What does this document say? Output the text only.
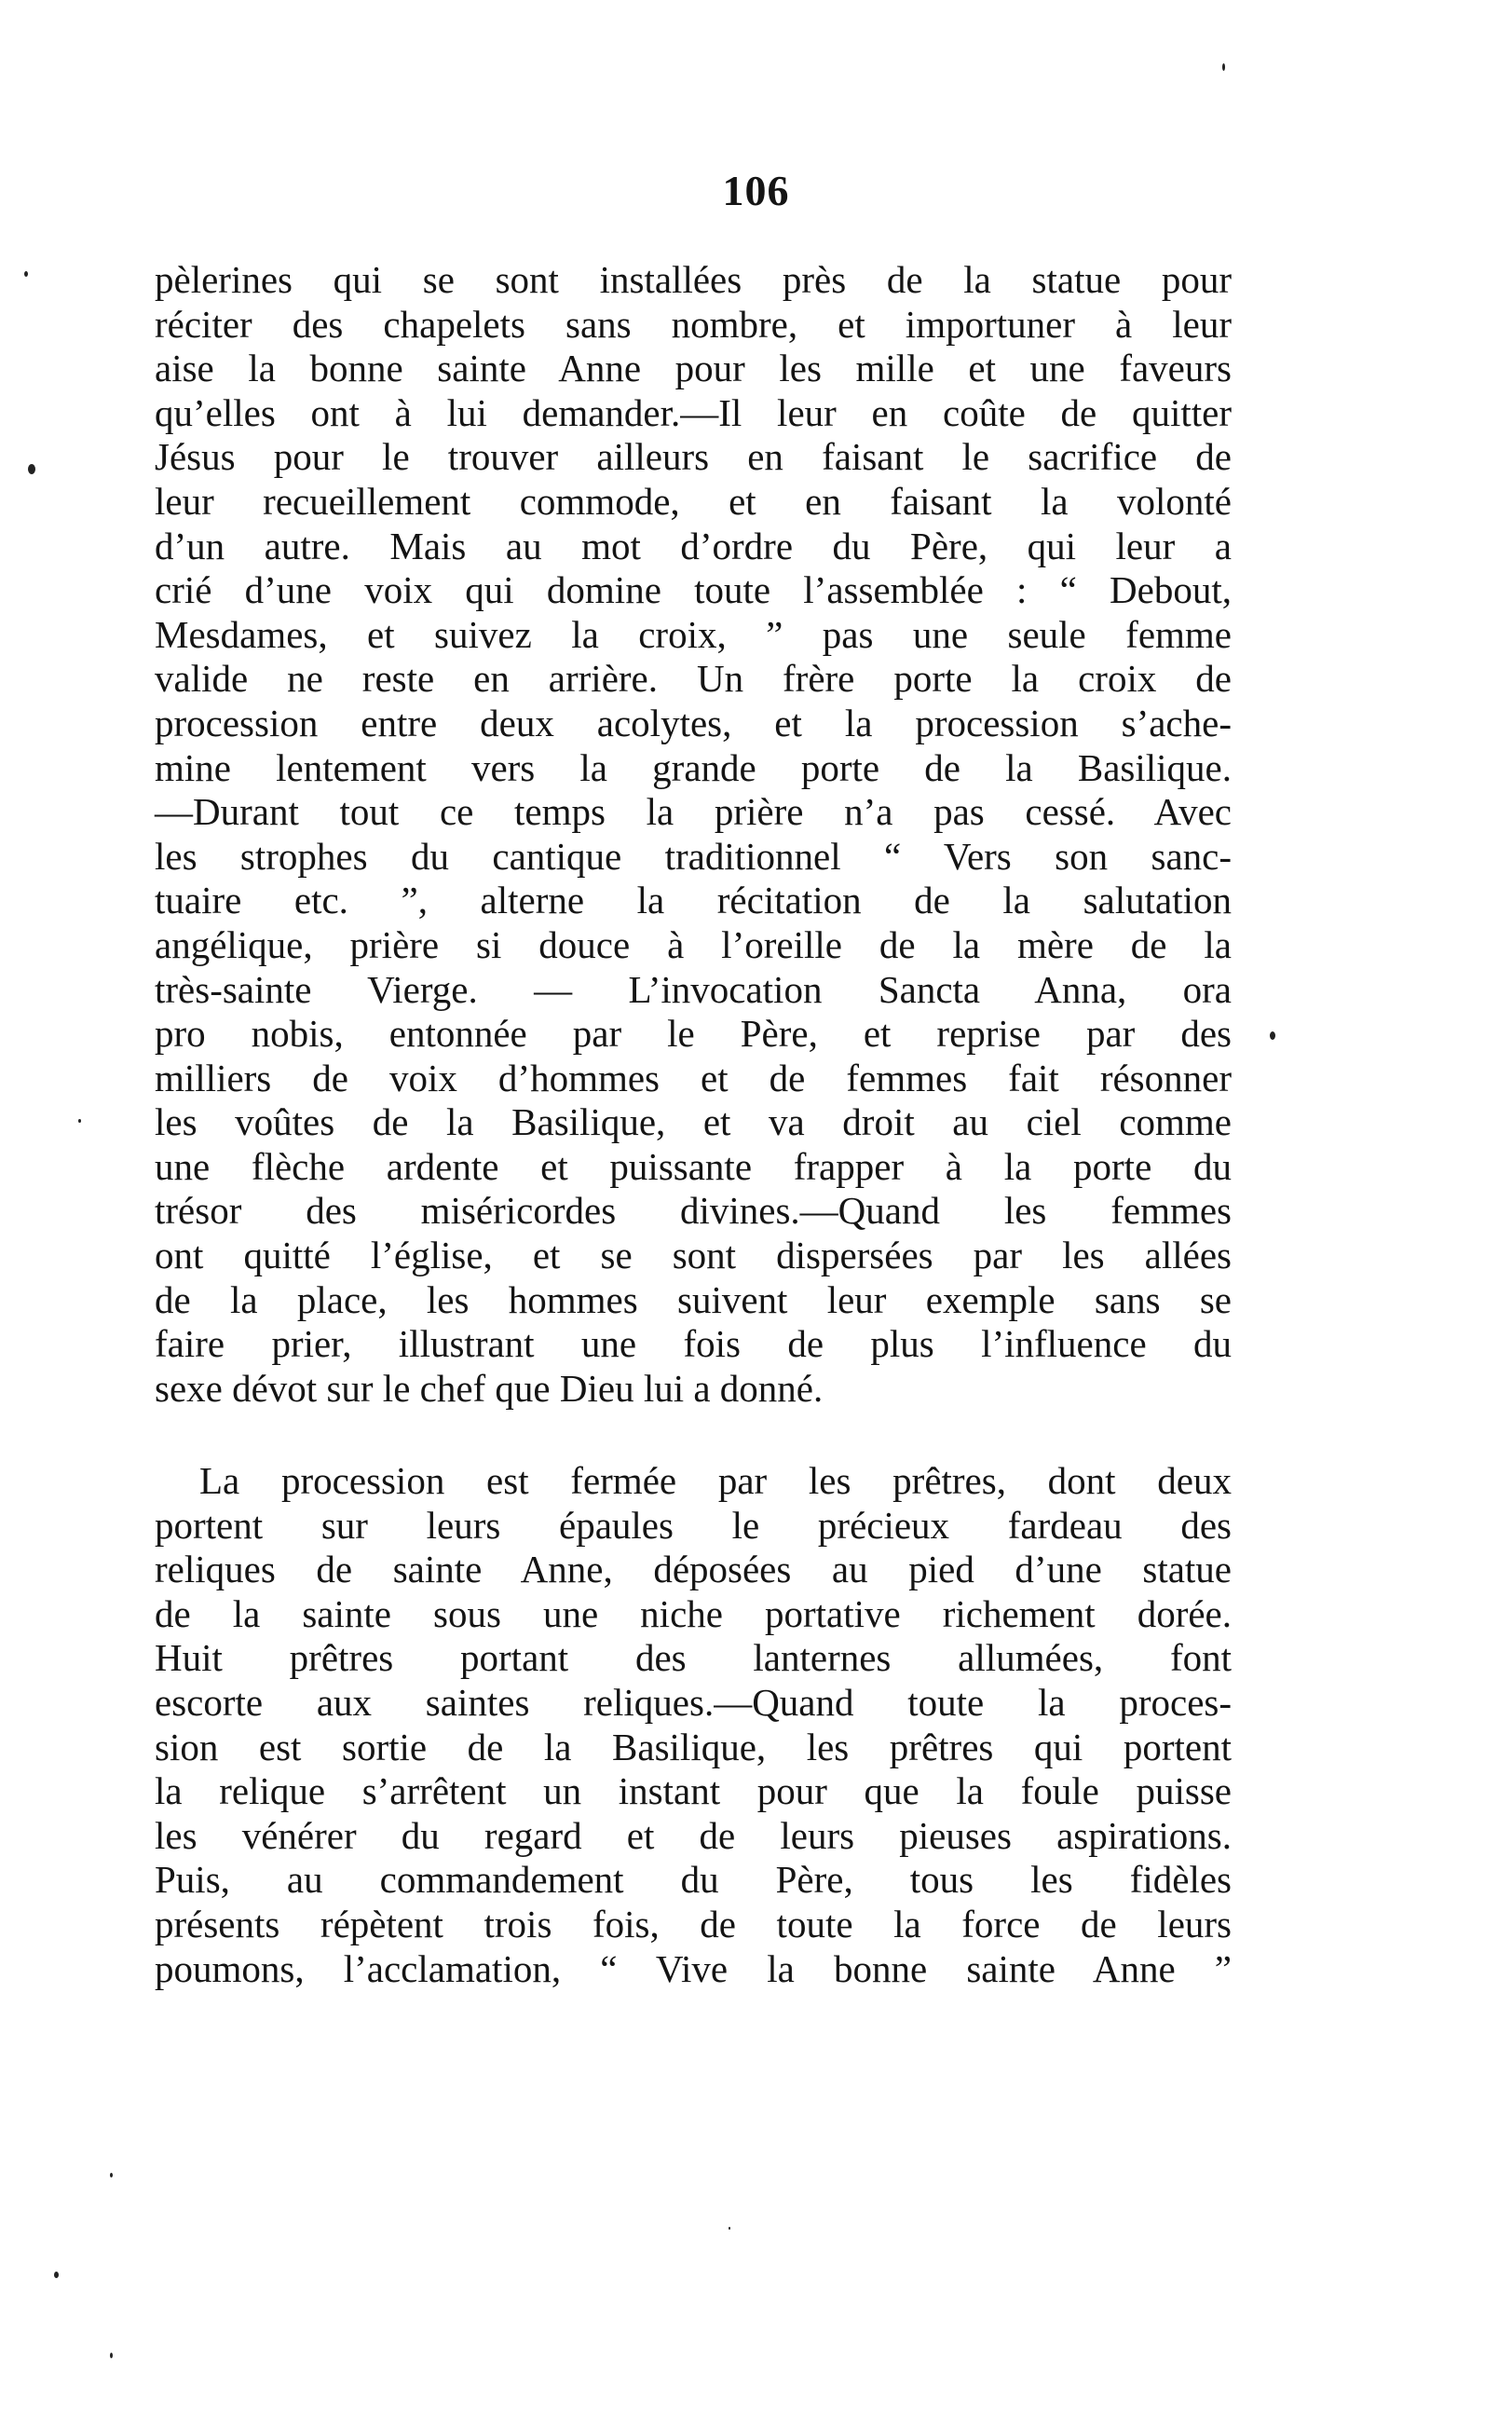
106
pèlerines qui se sont installées près de la statue pour
réciter des chapelets sans nombre, et importuner à leur
aise la bonne sainte Anne pour les mille et une faveurs
qu’elles ont à lui demander.—Il leur en coûte de quitter
Jésus pour le trouver ailleurs en faisant le sacrifice de
leur recueillement commode, et en faisant la volonté
d’un autre. Mais au mot d’ordre du Père, qui leur a
crié d’une voix qui domine toute l’assemblée : “ Debout,
Mesdames, et suivez la croix, ” pas une seule femme
valide ne reste en arrière. Un frère porte la croix de
procession entre deux acolytes, et la procession s’ache-
mine lentement vers la grande porte de la Basilique.
—Durant tout ce temps la prière n’a pas cessé. Avec
les strophes du cantique traditionnel “ Vers son sanc-
tuaire etc. ”, alterne la récitation de la salutation
angélique, prière si douce à l’oreille de la mère de la
très-sainte Vierge. — L’invocation Sancta Anna, ora
pro nobis, entonnée par le Père, et reprise par des
milliers de voix d’hommes et de femmes fait résonner
les voûtes de la Basilique, et va droit au ciel comme
une flèche ardente et puissante frapper à la porte du
trésor des miséricordes divines.—Quand les femmes
ont quitté l’église, et se sont dispersées par les allées
de la place, les hommes suivent leur exemple sans se
faire prier, illustrant une fois de plus l’influence du
sexe dévot sur le chef que Dieu lui a donné.
La procession est fermée par les prêtres, dont deux
portent sur leurs épaules le précieux fardeau des
reliques de sainte Anne, déposées au pied d’une statue
de la sainte sous une niche portative richement dorée.
Huit prêtres portant des lanternes allumées, font
escorte aux saintes reliques.—Quand toute la proces-
sion est sortie de la Basilique, les prêtres qui portent
la relique s’arrêtent un instant pour que la foule puisse
les vénérer du regard et de leurs pieuses aspirations.
Puis, au commandement du Père, tous les fidèles
présents répètent trois fois, de toute la force de leurs
poumons, l’acclamation, “ Vive la bonne sainte Anne ”
